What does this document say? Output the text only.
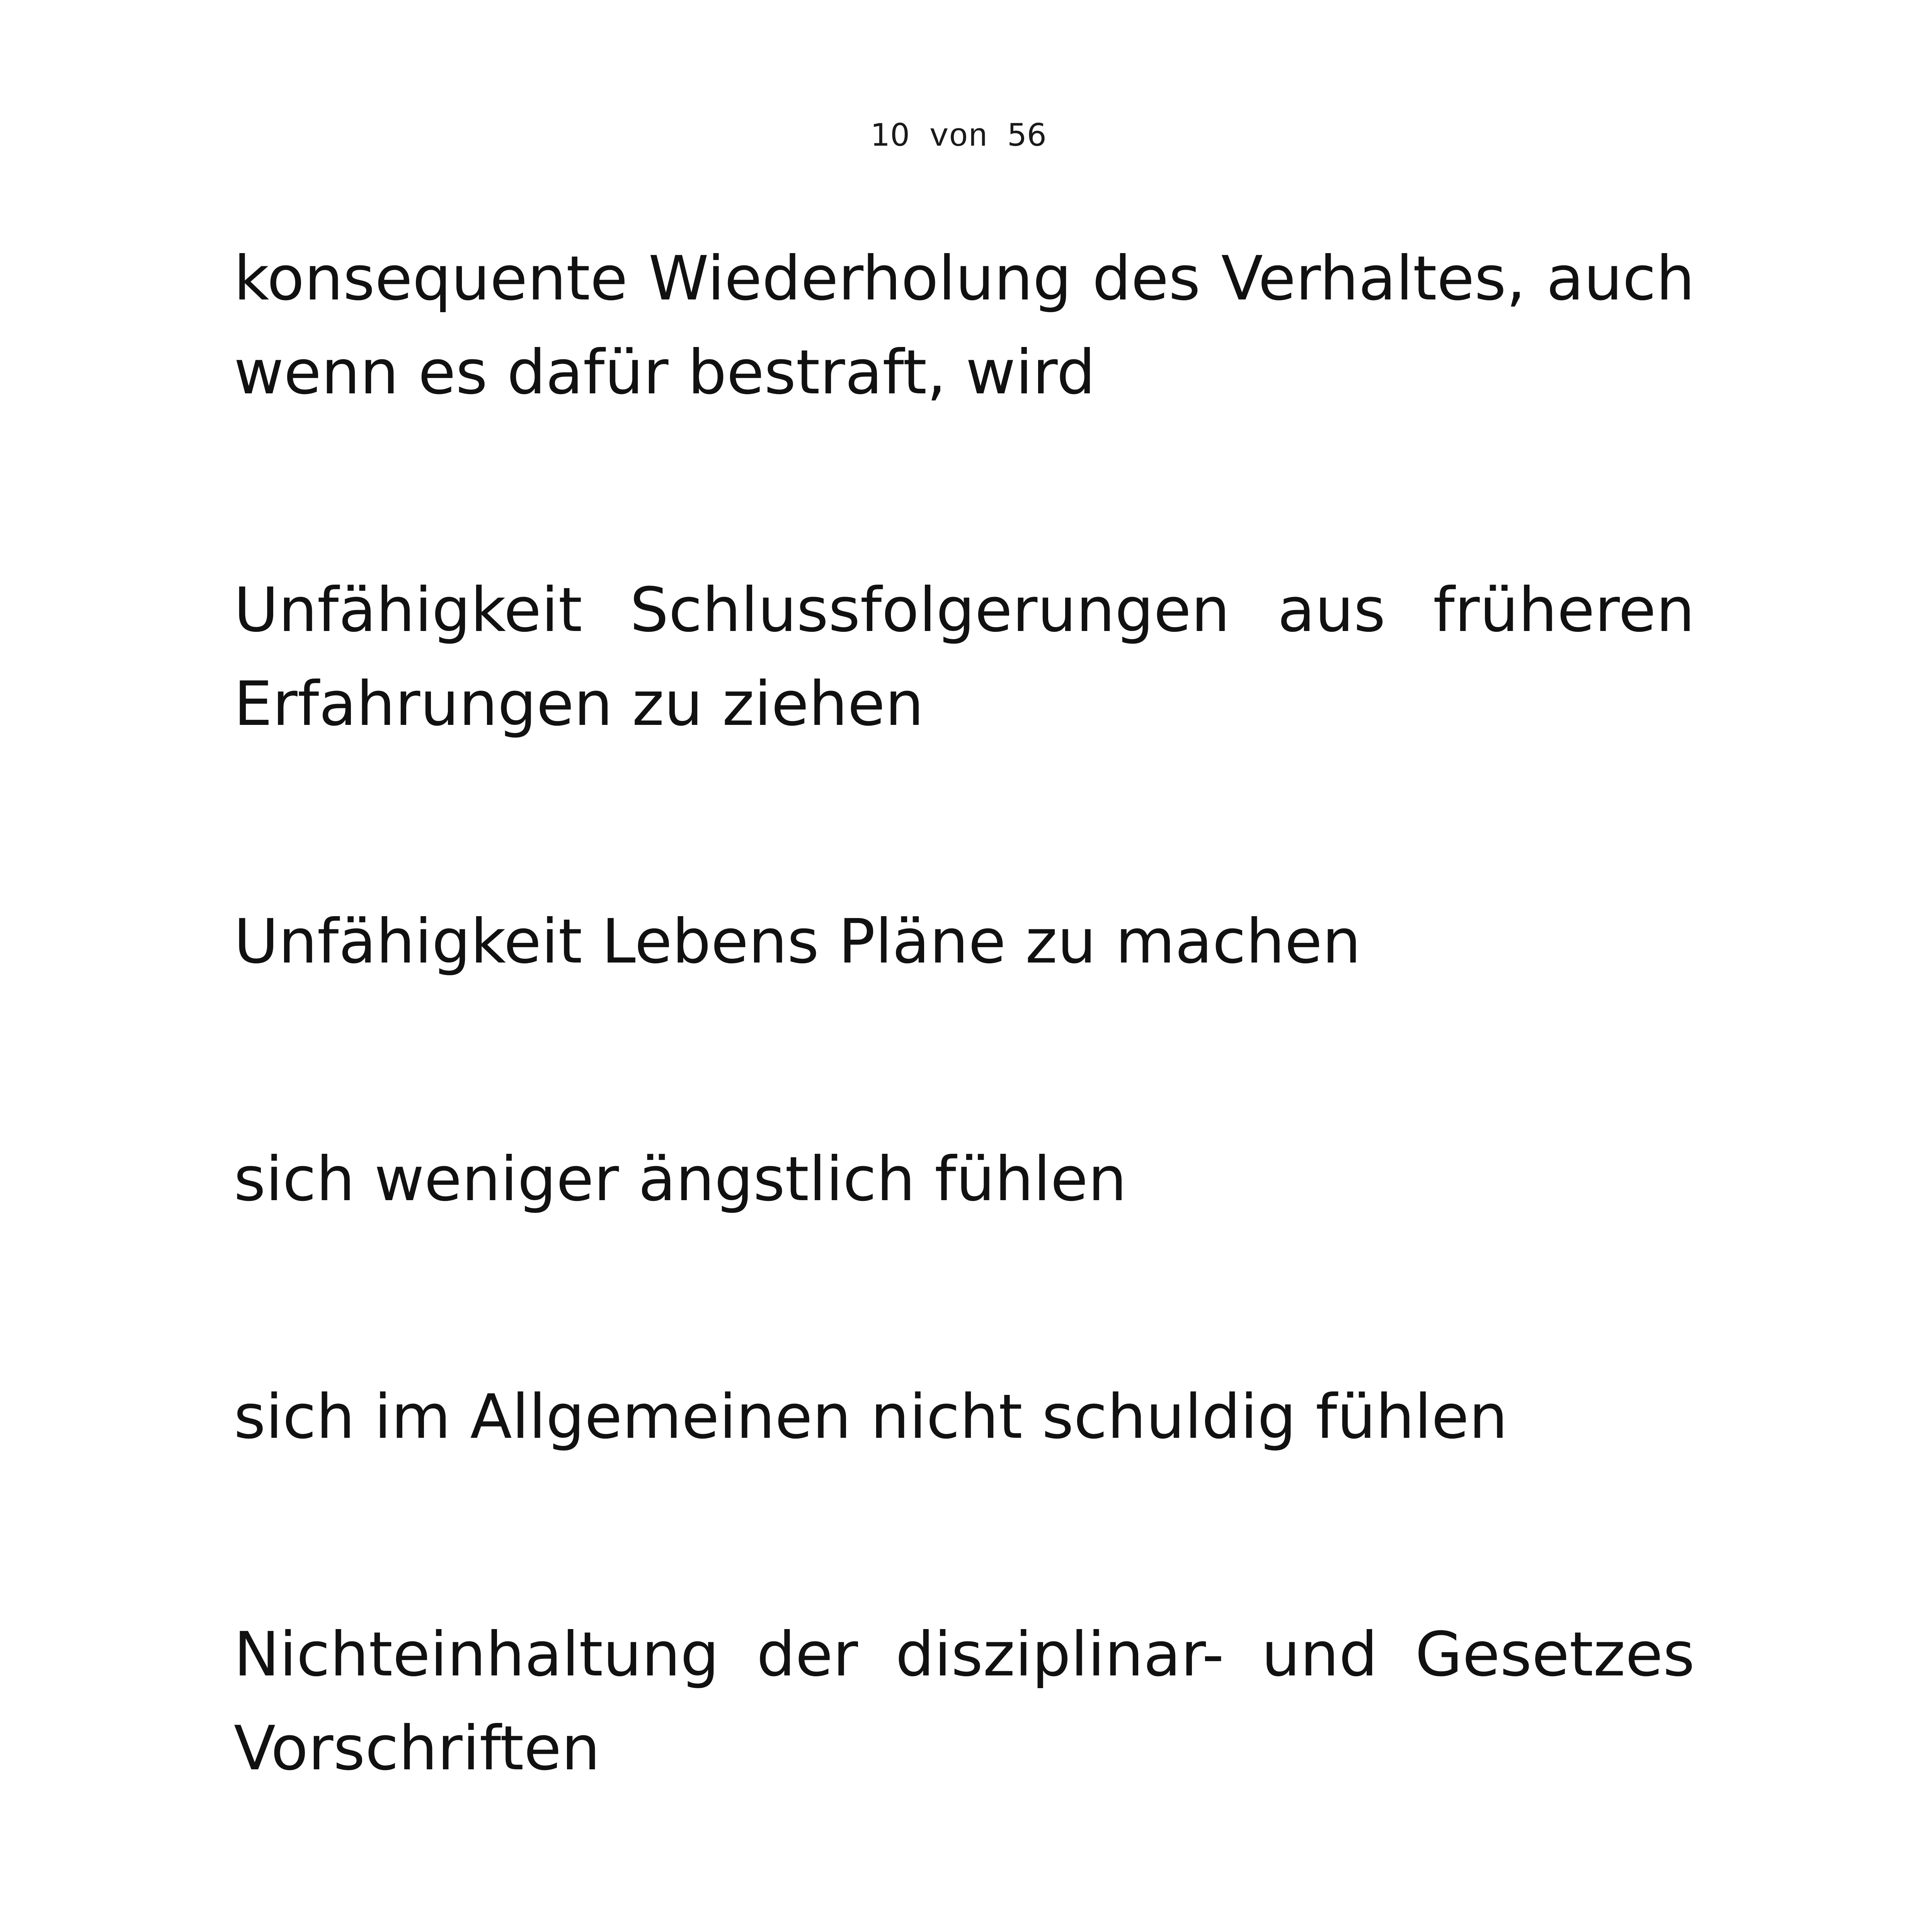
10 von 56

konsequente Wiederholung des Verhaltes, auch wenn es dafür bestraft, wird

Unfähigkeit Schlussfolgerungen aus früheren Erfahrungen zu ziehen

Unfähigkeit Lebens Pläne zu machen

sich weniger ängstlich fühlen

sich im Allgemeinen nicht schuldig fühlen

Nichteinhaltung der disziplinar- und Gesetzes Vorschriften
